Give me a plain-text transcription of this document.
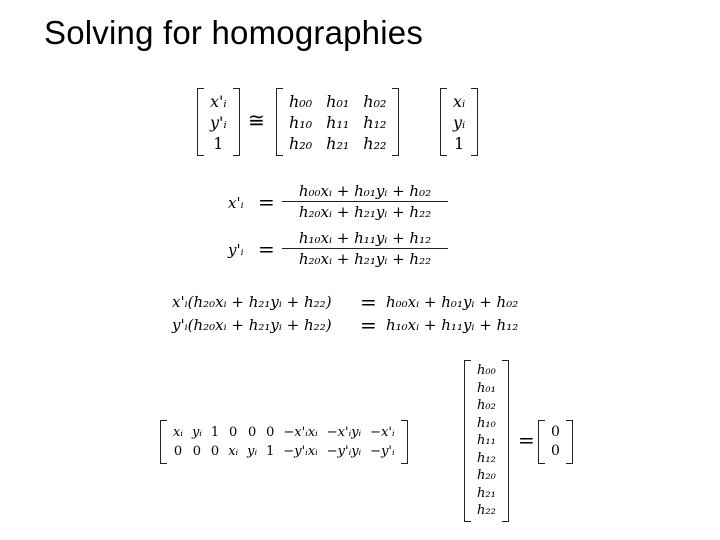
Solving for homographies
x'ᵢ
y'ᵢ
1
≅
h₀₀ h₀₁ h₀₂
h₁₀ h₁₁ h₁₂
h₂₀ h₂₁ h₂₂
xᵢ
yᵢ
1
x'ᵢ =	h₀₀xᵢ + h₀₁yᵢ + h₀₂
h₂₀xᵢ + h₂₁yᵢ + h₂₂
y'ᵢ =	h₁₀xᵢ + h₁₁yᵢ + h₁₂
h₂₀xᵢ + h₂₁yᵢ + h₂₂
x'ᵢ(h₂₀xᵢ + h₂₁yᵢ + h₂₂) = h₀₀xᵢ + h₀₁yᵢ + h₀₂
y'ᵢ(h₂₀xᵢ + h₂₁yᵢ + h₂₂) = h₁₀xᵢ + h₁₁yᵢ + h₁₂
xᵢ yᵢ 1 0 0 0 −x'ᵢxᵢ −x'ᵢyᵢ −x'ᵢ
0 0 0 xᵢ yᵢ 1 −y'ᵢxᵢ −y'ᵢyᵢ −y'ᵢ
h₀₀
h₀₁
h₀₂
h₁₀
h₁₁
h₁₂
h₂₀
h₂₁
h₂₂
= 0
0
